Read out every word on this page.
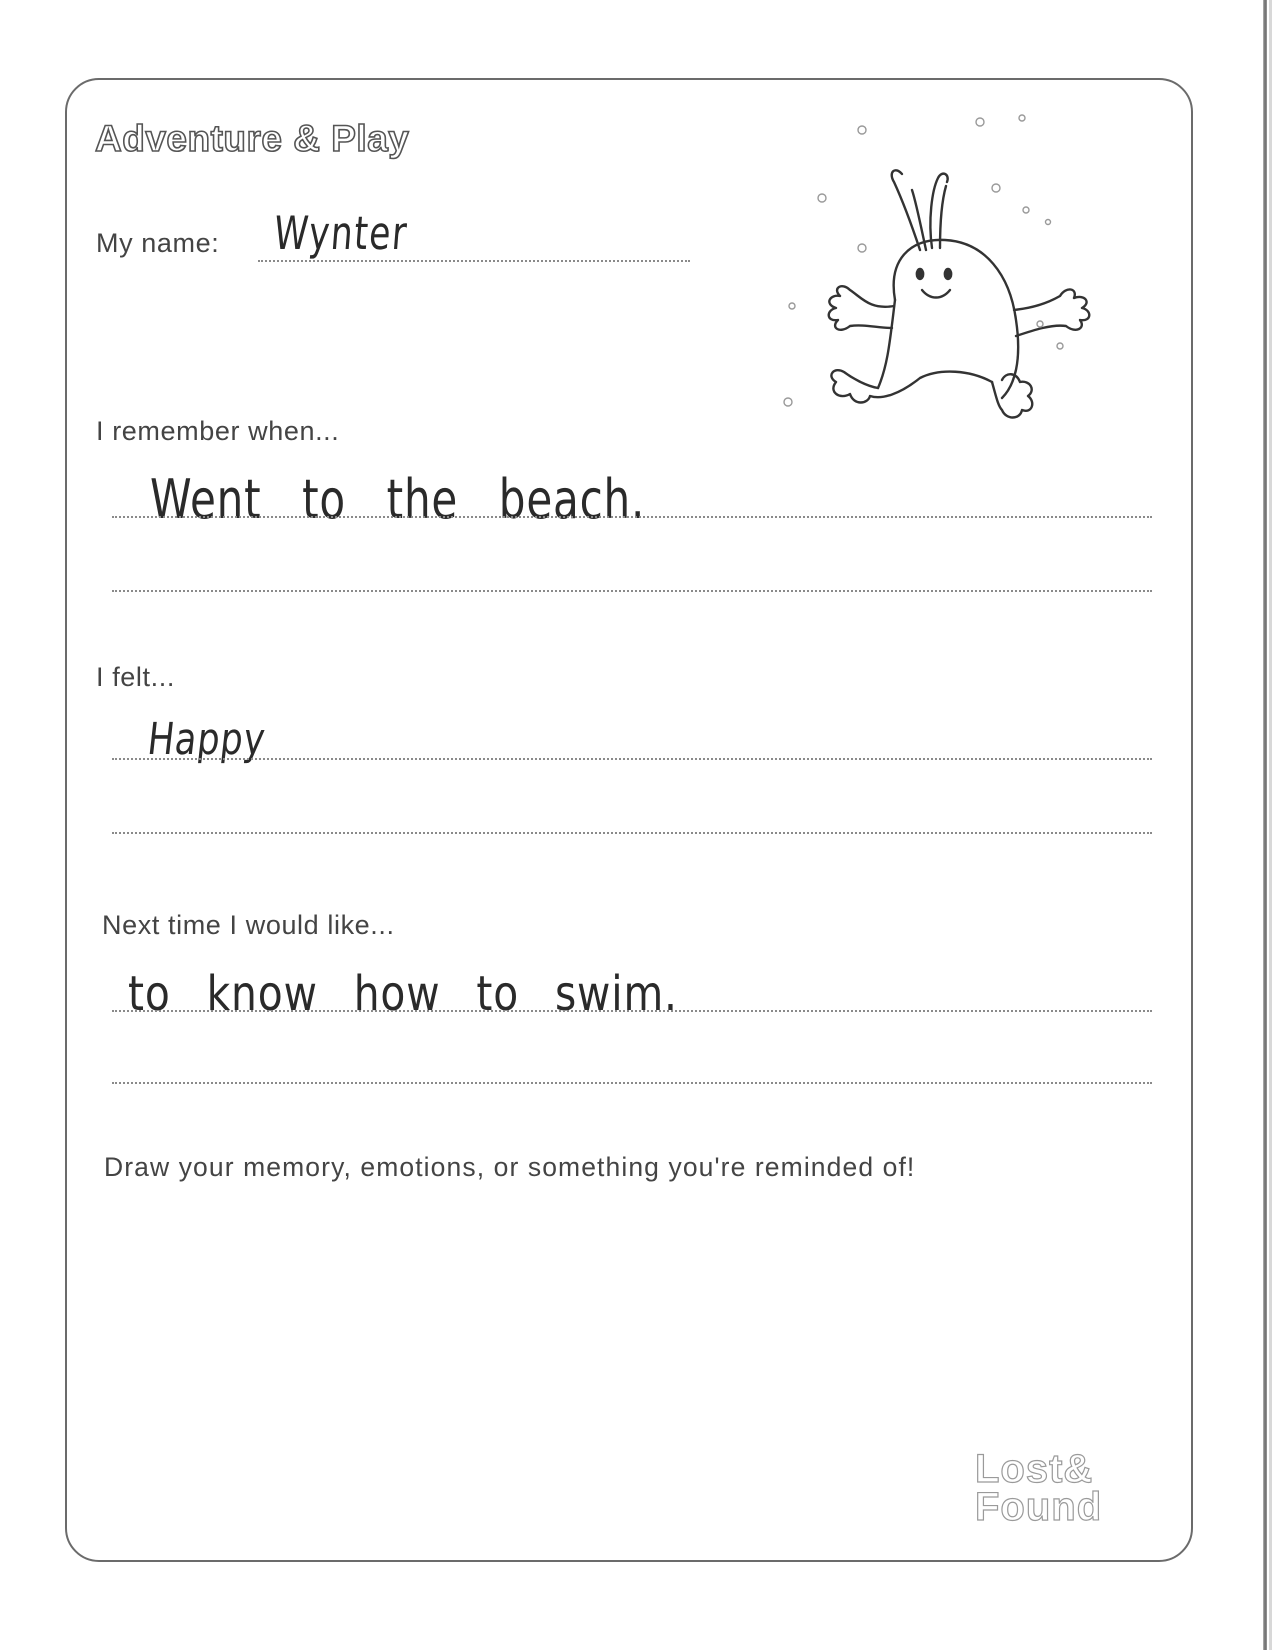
Adventure & Play
My name: Wynter
I remember when...
Went to the beach.
I felt...
Happy
Next time I would like...
to know how to swim.
Draw your memory, emotions, or something you're reminded of!
Lost&
Found
